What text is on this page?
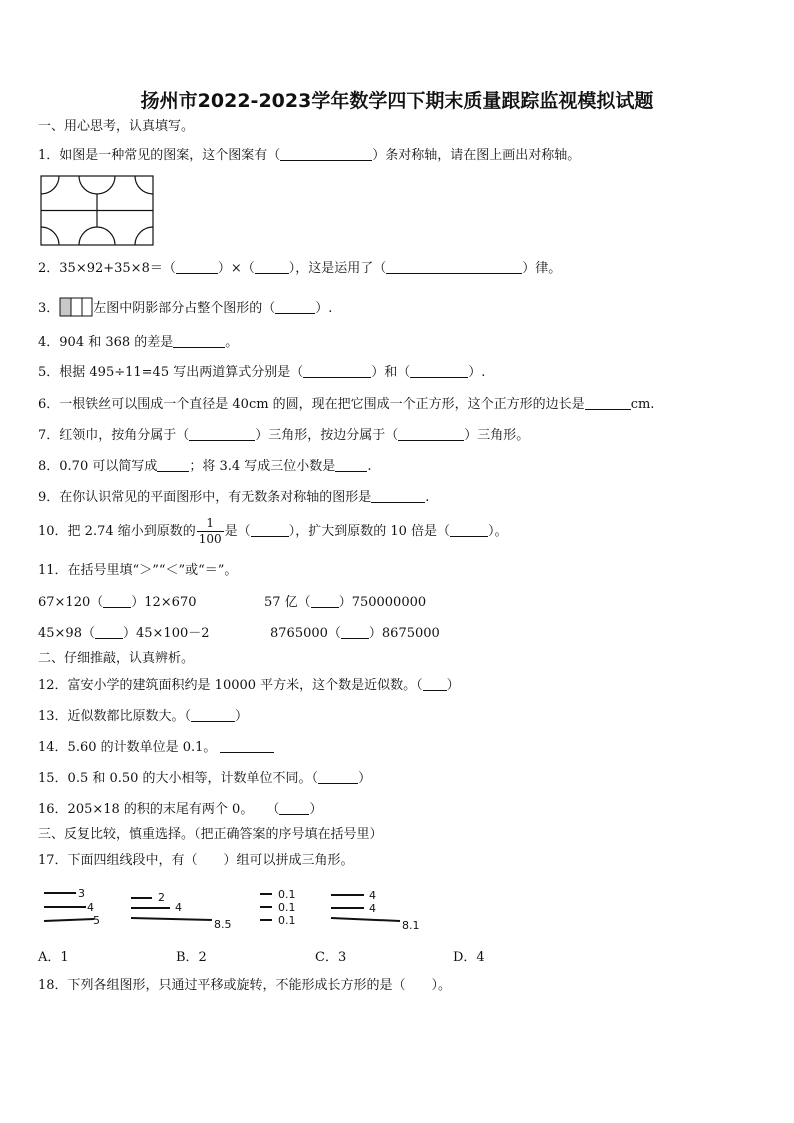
扬州市2022-2023学年数学四下期末质量跟踪监视模拟试题
一、用心思考，认真填写。
1．如图是一种常见的图案，这个图案有（	）条对称轴，请在图上画出对称轴。
2．35×92+35×8＝（	）×（	），这是运用了（	）律。
3．	左图中阴影部分占整个图形的（	）.
4．904 和 368 的差是	。
5．根据 495÷11=45 写出两道算式分别是（	）和（	）.
6．一根铁丝可以围成一个直径是 40cm 的圆，现在把它围成一个正方形，这个正方形的边长是	cm.
7．红领巾，按角分属于（	）三角形，按边分属于（	）三角形。
8．0.70 可以简写成 ；将 3.4 写成三位小数是 .
9．在你认识常见的平面图形中，有无数条对称轴的图形是	.
10．把 2.74 缩小到原数的 $\frac{1}{100}$ 是（	），扩大到原数的 10 倍是（	）。
11．在括号里填“＞”“＜”或“＝”。
67×120（ ）12×670	57 亿（ ）750000000
45×98（ ）45×100－2	8765000（ ）8675000
二、仔细推敲，认真辨析。
12．富安小学的建筑面积约是 10000 平方米，这个数是近似数。（ ）
13．近似数都比原数大。（	）
14．5.60 的计数单位是 0.1。
15．0.5 和 0.50 的大小相等，计数单位不同。（	）
16．205×18 的积的末尾有两个 0。　　（ ）
三、反复比较，慎重选择。（把正确答案的序号填在括号里）
17．下面四组线段中，有（　　）组可以拼成三角形。
3
4
5
2
4
8.5
0.1
0.1
0.1
4
4
8.1
A．1	B．2	C．3	D．4
18．下列各组图形，只通过平移或旋转，不能形成长方形的是（　　）。
